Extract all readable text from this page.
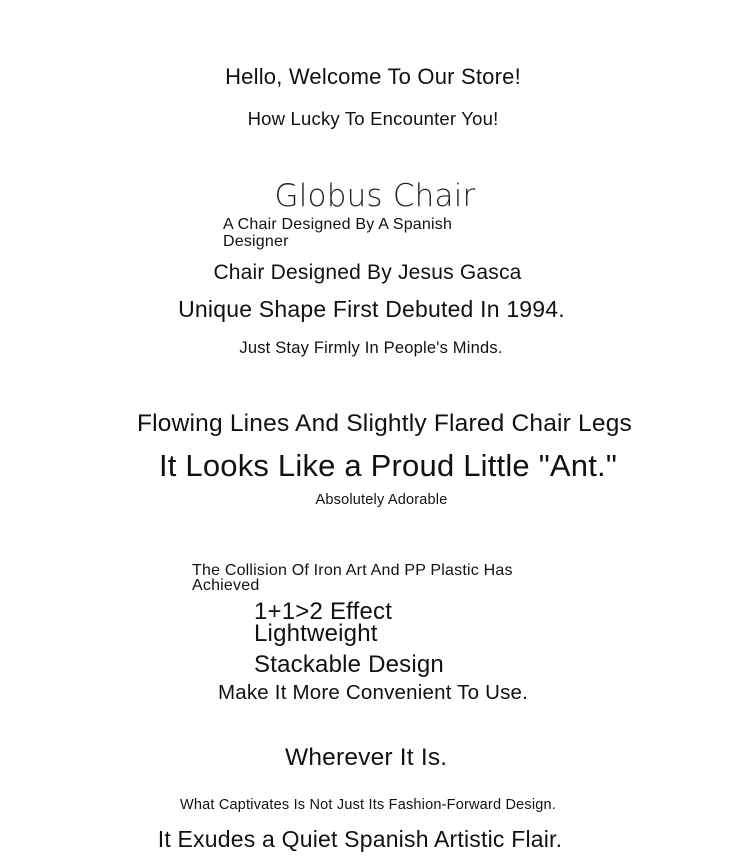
Hello, Welcome To Our Store!

How Lucky To Encounter You!

Globus Chair

A Chair Designed By A Spanish Designer

Chair Designed By Jesus Gasca

Unique Shape First Debuted In 1994.

Just Stay Firmly In People's Minds.

Flowing Lines And Slightly Flared Chair Legs

It Looks Like a Proud Little "Ant."

Absolutely Adorable

The Collision Of Iron Art And PP Plastic Has Achieved

1+1>2 Effect Lightweight

Stackable Design

Make It More Convenient To Use.

Wherever It Is.

What Captivates Is Not Just Its Fashion-Forward Design.

It Exudes a Quiet Spanish Artistic Flair.
